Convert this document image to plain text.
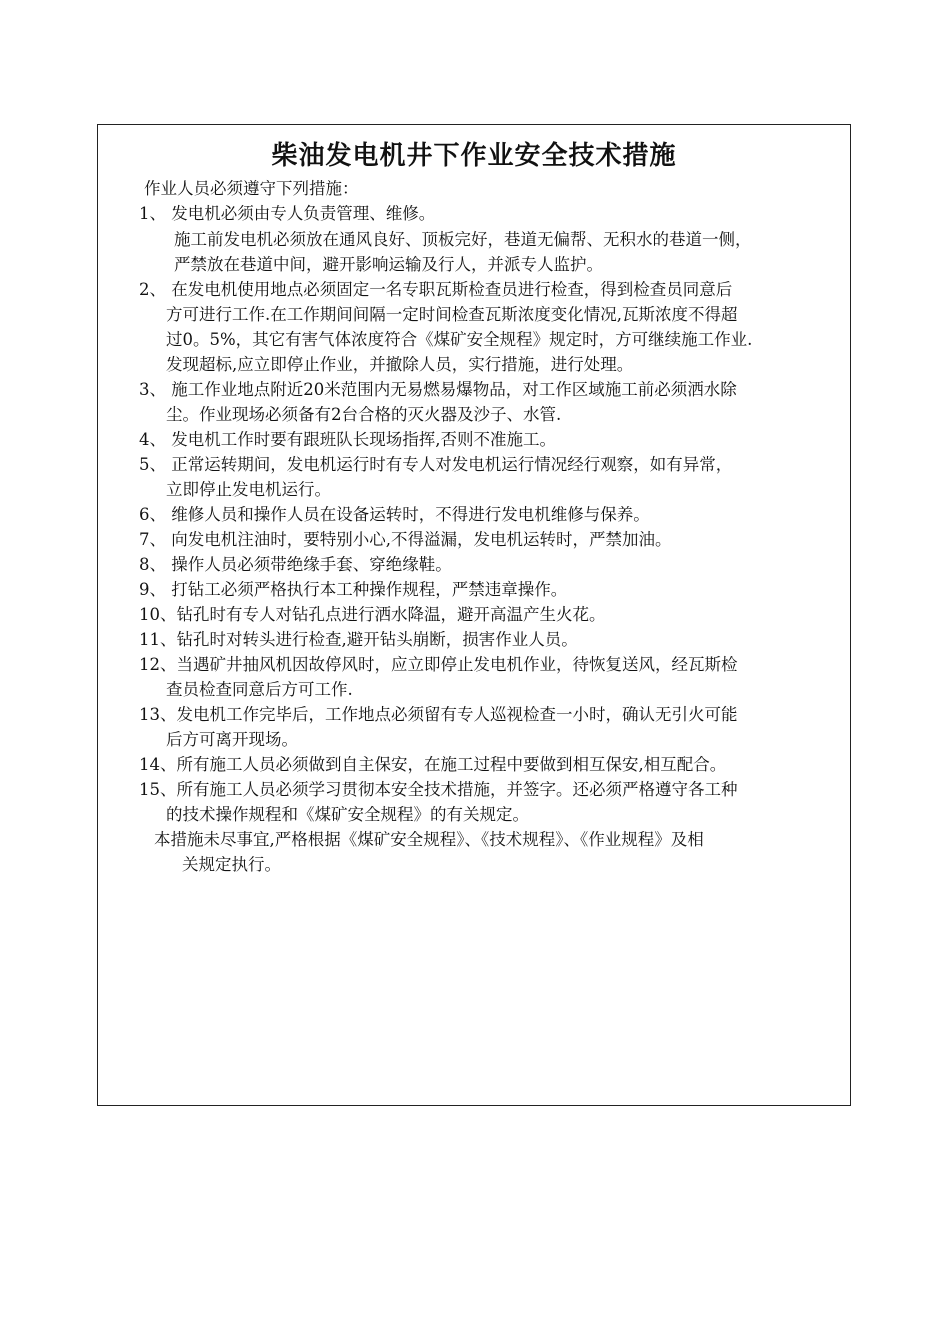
柴油发电机井下作业安全技术措施
作业人员必须遵守下列措施：
1、 发电机必须由专人负责管理、维修。
施工前发电机必须放在通风良好、顶板完好，巷道无偏帮、无积水的巷道一侧，
严禁放在巷道中间，避开影响运输及行人，并派专人监护。
2、 在发电机使用地点必须固定一名专职瓦斯检查员进行检查，得到检查员同意后
方可进行工作.在工作期间间隔一定时间检查瓦斯浓度变化情况,瓦斯浓度不得超
过0。5%，其它有害气体浓度符合《煤矿安全规程》规定时，方可继续施工作业.
发现超标,应立即停止作业，并撤除人员，实行措施，进行处理。
3、 施工作业地点附近20米范围内无易燃易爆物品，对工作区域施工前必须洒水除
尘。作业现场必须备有2台合格的灭火器及沙子、水管.
4、 发电机工作时要有跟班队长现场指挥,否则不准施工。
5、 正常运转期间，发电机运行时有专人对发电机运行情况经行观察，如有异常，
立即停止发电机运行。
6、 维修人员和操作人员在设备运转时，不得进行发电机维修与保养。
7、 向发电机注油时，要特别小心,不得溢漏，发电机运转时，严禁加油。
8、 操作人员必须带绝缘手套、穿绝缘鞋。
9、 打钻工必须严格执行本工种操作规程，严禁违章操作。
10、钻孔时有专人对钻孔点进行洒水降温，避开高温产生火花。
11、钻孔时对转头进行检查,避开钻头崩断，损害作业人员。
12、当遇矿井抽风机因故停风时，应立即停止发电机作业，待恢复送风，经瓦斯检
查员检查同意后方可工作.
13、发电机工作完毕后，工作地点必须留有专人巡视检查一小时，确认无引火可能
后方可离开现场。
14、所有施工人员必须做到自主保安，在施工过程中要做到相互保安,相互配合。
15、所有施工人员必须学习贯彻本安全技术措施，并签字。还必须严格遵守各工种
的技术操作规程和《煤矿安全规程》的有关规定。
本措施未尽事宜,严格根据《煤矿安全规程》、《技术规程》、《作业规程》及相
关规定执行。
